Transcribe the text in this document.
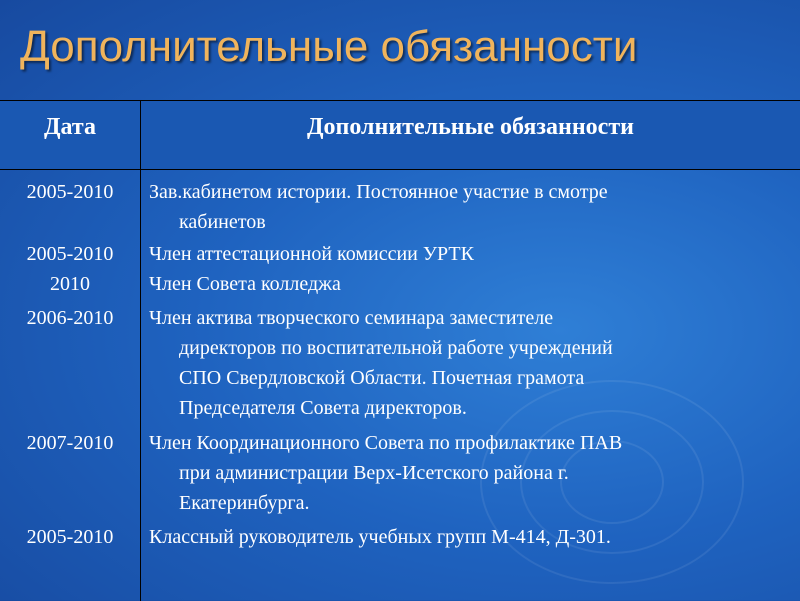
Дополнительные обязанности
Дата	Дополнительные обязанности
2005-2010	Зав.кабинетом истории. Постоянное участие в смотре
кабинетов
2005-2010	Член аттестационной комиссии УРТК
2010	Член Совета колледжа
2006-2010	Член актива творческого семинара заместителе
директоров по воспитательной работе учреждений
СПО Свердловской Области. Почетная грамота
Председателя Совета директоров.
2007-2010	Член Координационного Совета по профилактике ПАВ
при администрации Верх-Исетского района г.
Екатеринбурга.
2005-2010	Классный руководитель учебных групп М-414, Д-301.
